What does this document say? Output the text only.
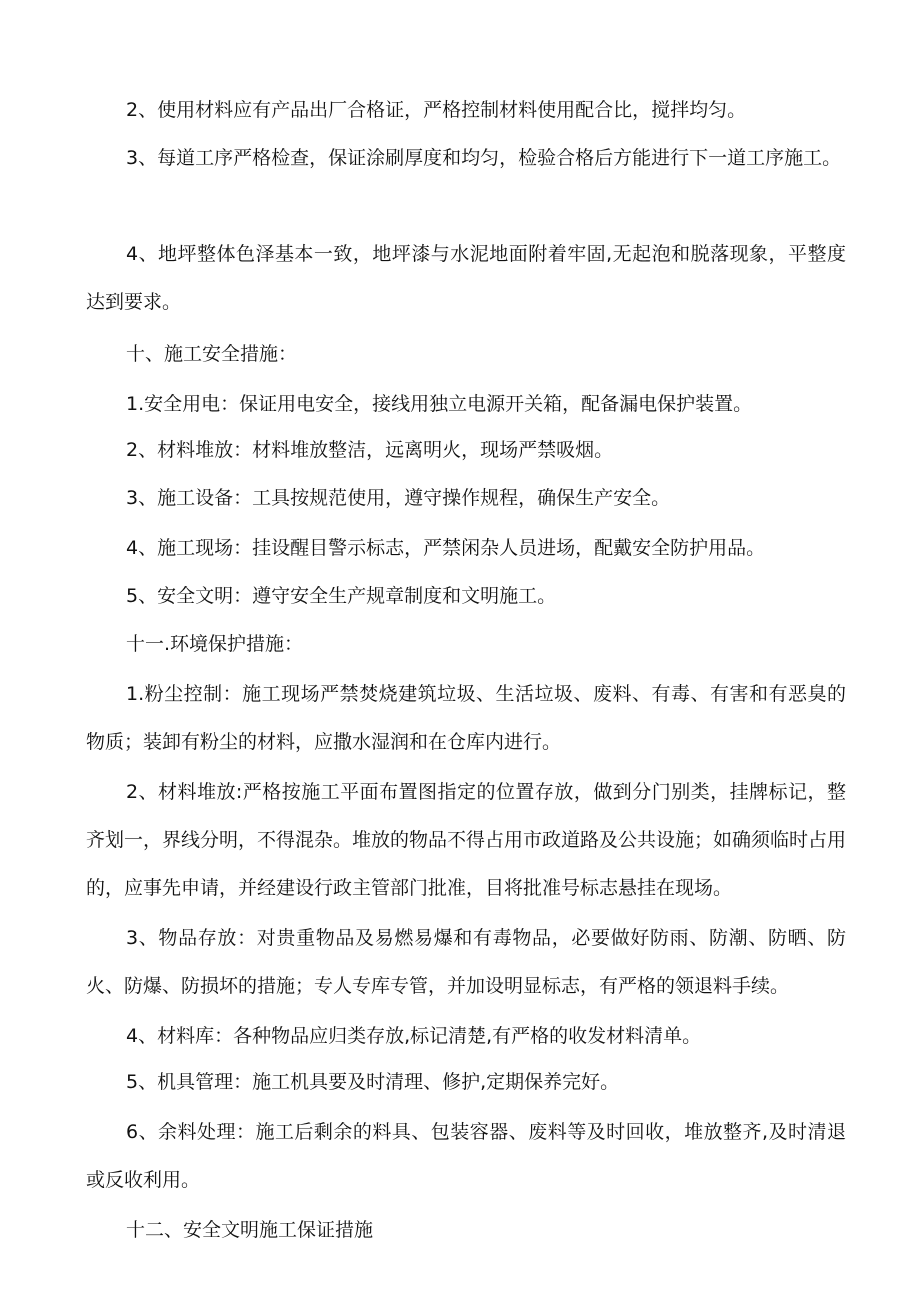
2、使用材料应有产品出厂合格证，严格控制材料使用配合比，搅拌均匀。

3、每道工序严格检查，保证涂刷厚度和均匀，检验合格后方能进行下一道工序施工。

4、地坪整体色泽基本一致，地坪漆与水泥地面附着牢固,无起泡和脱落现象，平整度达到要求。

十、施工安全措施：

1.安全用电：保证用电安全，接线用独立电源开关箱，配备漏电保护装置。

2、材料堆放：材料堆放整洁，远离明火，现场严禁吸烟。

3、施工设备：工具按规范使用，遵守操作规程，确保生产安全。

4、施工现场：挂设醒目警示标志，严禁闲杂人员进场，配戴安全防护用品。

5、安全文明：遵守安全生产规章制度和文明施工。

十一.环境保护措施：

1.粉尘控制：施工现场严禁焚烧建筑垃圾、生活垃圾、废料、有毒、有害和有恶臭的物质；装卸有粉尘的材料，应撒水湿润和在仓库内进行。

2、材料堆放:严格按施工平面布置图指定的位置存放，做到分门别类，挂牌标记，整齐划一，界线分明，不得混杂。堆放的物品不得占用市政道路及公共设施；如确须临时占用的，应事先申请，并经建设行政主管部门批准，目将批准号标志悬挂在现场。

3、物品存放：对贵重物品及易燃易爆和有毒物品，必要做好防雨、防潮、防晒、防火、防爆、防损坏的措施；专人专库专管，并加设明显标志，有严格的领退料手续。

4、材料库：各种物品应归类存放,标记清楚,有严格的收发材料清单。

5、机具管理：施工机具要及时清理、修护,定期保养完好。

6、余料处理：施工后剩余的料具、包装容器、废料等及时回收，堆放整齐,及时清退或反收利用。

十二、安全文明施工保证措施
